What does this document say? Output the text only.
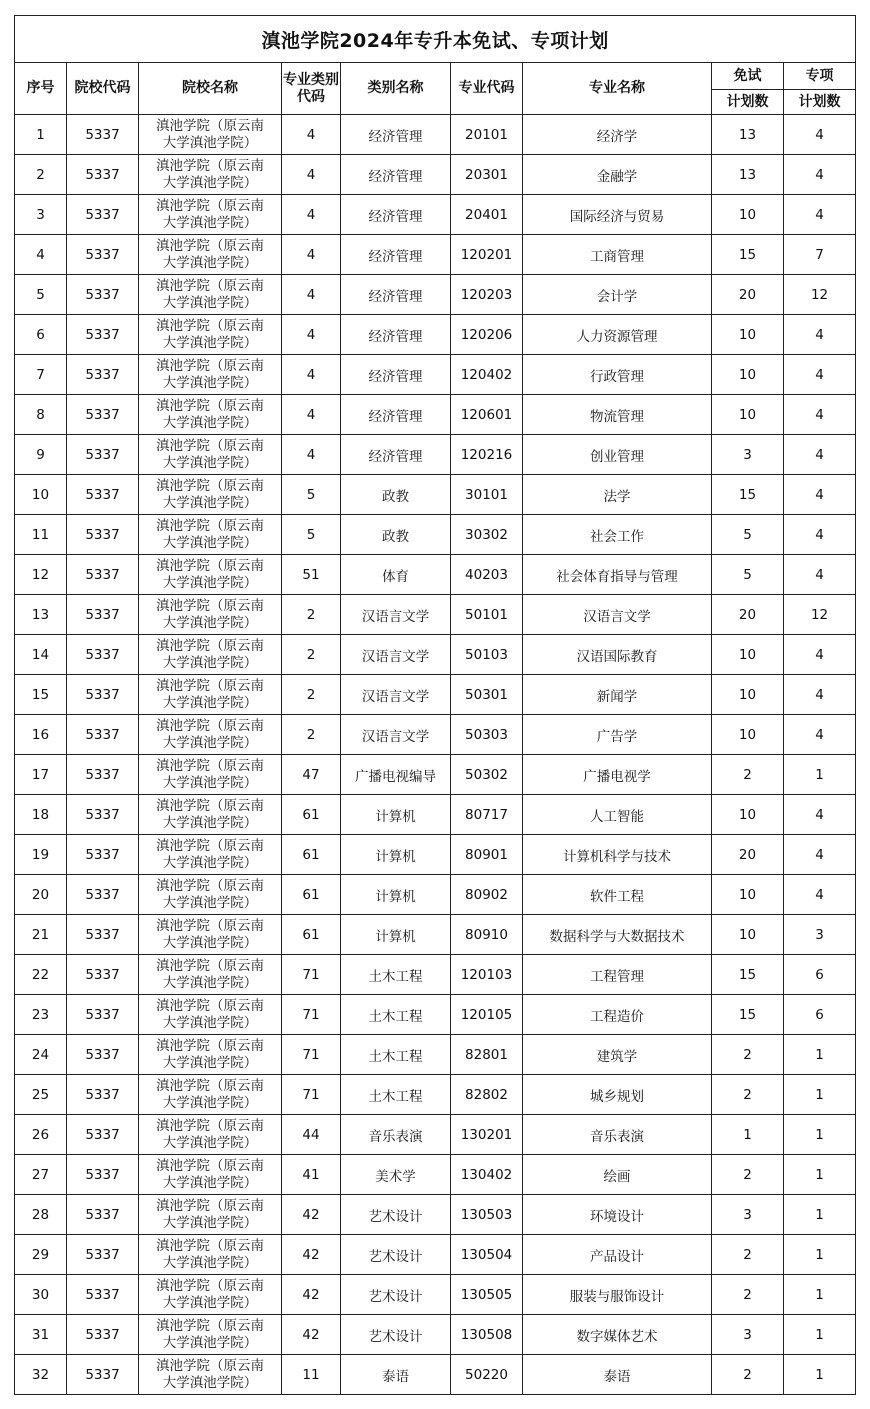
滇池学院2024年专升本免试、专项计划								
序号	院校代码	院校名称	专业类别代码	类别名称	专业代码	专业名称	免试	专项
							计划数	计划数
1	5337	滇池学院（原云南
大学滇池学院）	4	经济管理	20101	经济学	13	4
2	5337	滇池学院（原云南
大学滇池学院）	4	经济管理	20301	金融学	13	4
3	5337	滇池学院（原云南
大学滇池学院）	4	经济管理	20401	国际经济与贸易	10	4
4	5337	滇池学院（原云南
大学滇池学院）	4	经济管理	120201	工商管理	15	7
5	5337	滇池学院（原云南
大学滇池学院）	4	经济管理	120203	会计学	20	12
6	5337	滇池学院（原云南
大学滇池学院）	4	经济管理	120206	人力资源管理	10	4
7	5337	滇池学院（原云南
大学滇池学院）	4	经济管理	120402	行政管理	10	4
8	5337	滇池学院（原云南
大学滇池学院）	4	经济管理	120601	物流管理	10	4
9	5337	滇池学院（原云南
大学滇池学院）	4	经济管理	120216	创业管理	3	4
10	5337	滇池学院（原云南
大学滇池学院）	5	政教	30101	法学	15	4
11	5337	滇池学院（原云南
大学滇池学院）	5	政教	30302	社会工作	5	4
12	5337	滇池学院（原云南
大学滇池学院）	51	体育	40203	社会体育指导与管理	5	4
13	5337	滇池学院（原云南
大学滇池学院）	2	汉语言文学	50101	汉语言文学	20	12
14	5337	滇池学院（原云南
大学滇池学院）	2	汉语言文学	50103	汉语国际教育	10	4
15	5337	滇池学院（原云南
大学滇池学院）	2	汉语言文学	50301	新闻学	10	4
16	5337	滇池学院（原云南
大学滇池学院）	2	汉语言文学	50303	广告学	10	4
17	5337	滇池学院（原云南
大学滇池学院）	47	广播电视编导	50302	广播电视学	2	1
18	5337	滇池学院（原云南
大学滇池学院）	61	计算机	80717	人工智能	10	4
19	5337	滇池学院（原云南
大学滇池学院）	61	计算机	80901	计算机科学与技术	20	4
20	5337	滇池学院（原云南
大学滇池学院）	61	计算机	80902	软件工程	10	4
21	5337	滇池学院（原云南
大学滇池学院）	61	计算机	80910	数据科学与大数据技术	10	3
22	5337	滇池学院（原云南
大学滇池学院）	71	土木工程	120103	工程管理	15	6
23	5337	滇池学院（原云南
大学滇池学院）	71	土木工程	120105	工程造价	15	6
24	5337	滇池学院（原云南
大学滇池学院）	71	土木工程	82801	建筑学	2	1
25	5337	滇池学院（原云南
大学滇池学院）	71	土木工程	82802	城乡规划	2	1
26	5337	滇池学院（原云南
大学滇池学院）	44	音乐表演	130201	音乐表演	1	1
27	5337	滇池学院（原云南
大学滇池学院）	41	美术学	130402	绘画	2	1
28	5337	滇池学院（原云南
大学滇池学院）	42	艺术设计	130503	环境设计	3	1
29	5337	滇池学院（原云南
大学滇池学院）	42	艺术设计	130504	产品设计	2	1
30	5337	滇池学院（原云南
大学滇池学院）	42	艺术设计	130505	服装与服饰设计	2	1
31	5337	滇池学院（原云南
大学滇池学院）	42	艺术设计	130508	数字媒体艺术	3	1
32	5337	滇池学院（原云南
大学滇池学院）	11	泰语	50220	泰语	2	1
